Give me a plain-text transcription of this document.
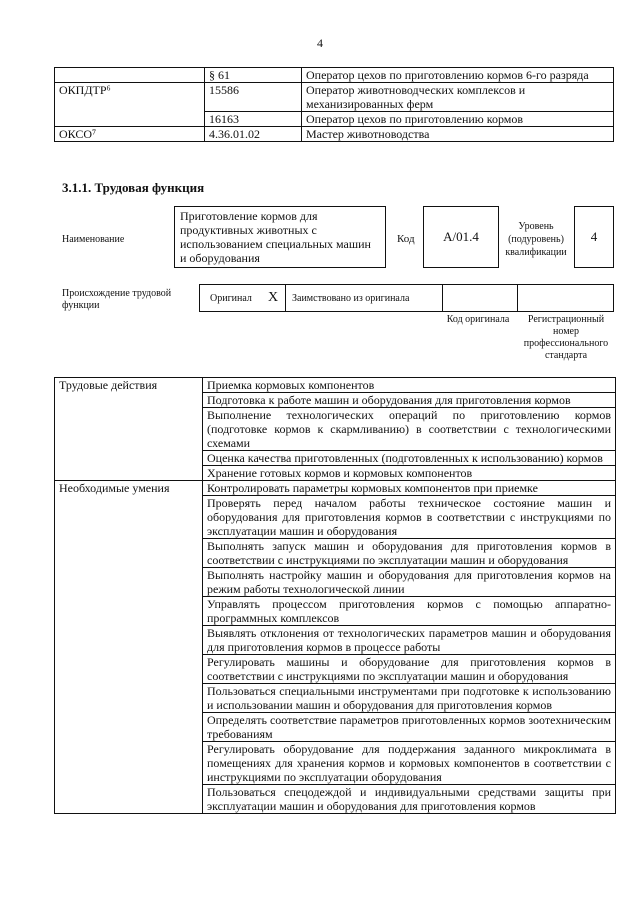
4
	§ 61	Оператор цехов по приготовлению кормов 6-го разряда
ОКПДТР⁶	15586	Оператор животноводческих комплексов и механизированных ферм
	16163	Оператор цехов по приготовлению кормов
ОКСО⁷	4.36.01.02	Мастер животноводства
3.1.1. Трудовая функция
Наименование
Приготовление кормов для продуктивных животных с использованием специальных машин и оборудования
Код A/01.4
Уровень (подуровень) квалификации
4
Происхождение трудовой функции
Оригинал X Заимствовано из оригинала
Код оригинала	Регистрационный номер профессионального стандарта
Трудовые действия	Приемка кормовых компонентов
	Подготовка к работе машин и оборудования для приготовления кормов
	Выполнение технологических операций по приготовлению кормов (подготовке кормов к скармливанию) в соответствии с технологическими схемами
	Оценка качества приготовленных (подготовленных к использованию) кормов
	Хранение готовых кормов и кормовых компонентов
Необходимые умения	Контролировать параметры кормовых компонентов при приемке
	Проверять перед началом работы техническое состояние машин и оборудования для приготовления кормов в соответствии с инструкциями по эксплуатации машин и оборудования
	Выполнять запуск машин и оборудования для приготовления кормов в соответствии с инструкциями по эксплуатации машин и оборудования
	Выполнять настройку машин и оборудования для приготовления кормов на режим работы технологической линии
	Управлять процессом приготовления кормов с помощью аппаратно-программных комплексов
	Выявлять отклонения от технологических параметров машин и оборудования для приготовления кормов в процессе работы
	Регулировать машины и оборудование для приготовления кормов в соответствии с инструкциями по эксплуатации машин и оборудования
	Пользоваться специальными инструментами при подготовке к использованию и использовании машин и оборудования для приготовления кормов
	Определять соответствие параметров приготовленных кормов зоотехническим требованиям
	Регулировать оборудование для поддержания заданного микроклимата в помещениях для хранения кормов и кормовых компонентов в соответствии с инструкциями по эксплуатации оборудования
	Пользоваться спецодеждой и индивидуальными средствами защиты при эксплуатации машин и оборудования для приготовления кормов
